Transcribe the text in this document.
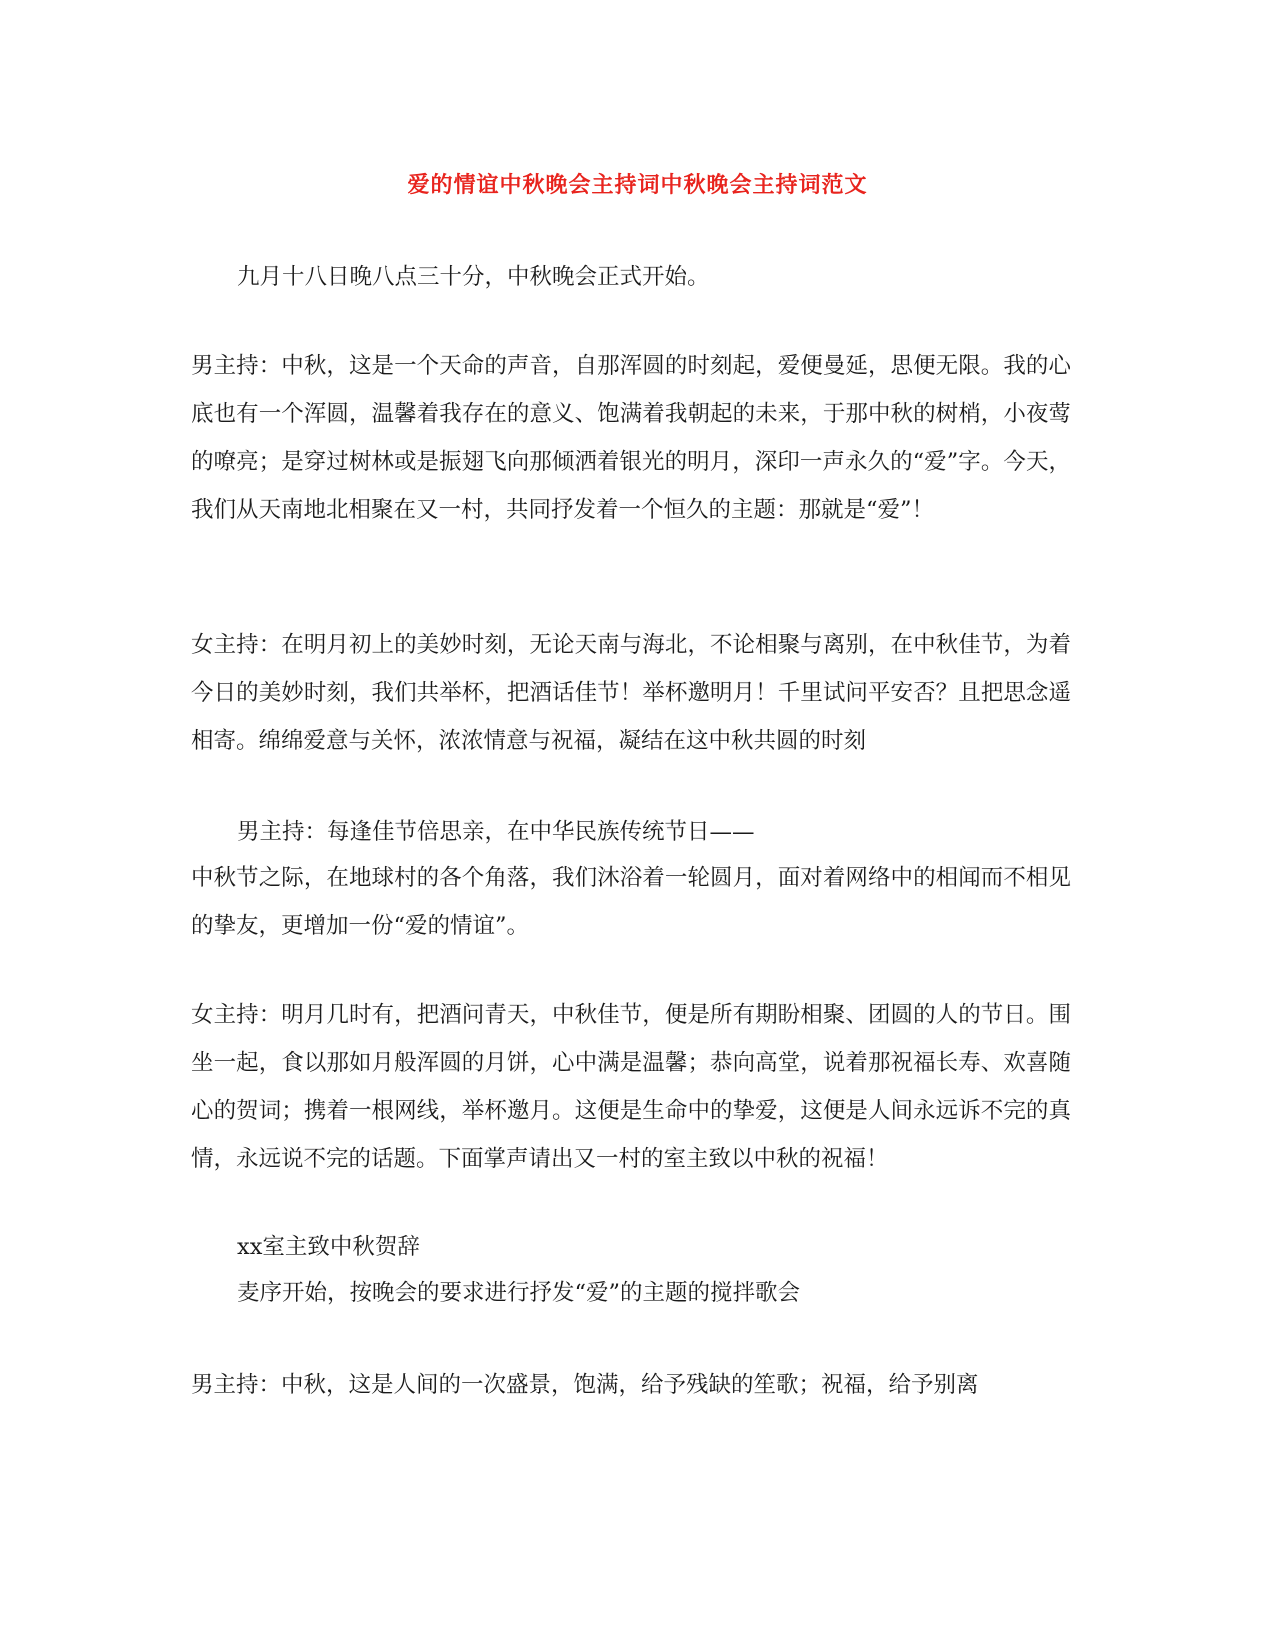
爱的情谊中秋晚会主持词中秋晚会主持词范文
九月十八日晚八点三十分，中秋晚会正式开始。
男主持：中秋，这是一个天命的声音，自那浑圆的时刻起，爱便曼延，思便无限。我的心底也有一个浑圆，温馨着我存在的意义、饱满着我朝起的未来，于那中秋的树梢，小夜莺的嘹亮；是穿过树林或是振翅飞向那倾洒着银光的明月，深印一声永久的“爱”字。今天，我们从天南地北相聚在又一村，共同抒发着一个恒久的主题：那就是“爱”！
女主持：在明月初上的美妙时刻，无论天南与海北，不论相聚与离别，在中秋佳节，为着今日的美妙时刻，我们共举杯，把酒话佳节！举杯邀明月！千里试问平安否？且把思念遥相寄。绵绵爱意与关怀，浓浓情意与祝福，凝结在这中秋共圆的时刻
男主持：每逢佳节倍思亲，在中华民族传统节日——
中秋节之际，在地球村的各个角落，我们沐浴着一轮圆月，面对着网络中的相闻而不相见的挚友，更增加一份“爱的情谊”。
女主持：明月几时有，把酒问青天，中秋佳节，便是所有期盼相聚、团圆的人的节日。围坐一起，食以那如月般浑圆的月饼，心中满是温馨；恭向高堂，说着那祝福长寿、欢喜随心的贺词；携着一根网线，举杯邀月。这便是生命中的挚爱，这便是人间永远诉不完的真情，永远说不完的话题。下面掌声请出又一村的室主致以中秋的祝福！
xx室主致中秋贺辞
麦序开始，按晚会的要求进行抒发“爱”的主题的搅拌歌会
男主持：中秋，这是人间的一次盛景，饱满，给予残缺的笙歌；祝福，给予别离
